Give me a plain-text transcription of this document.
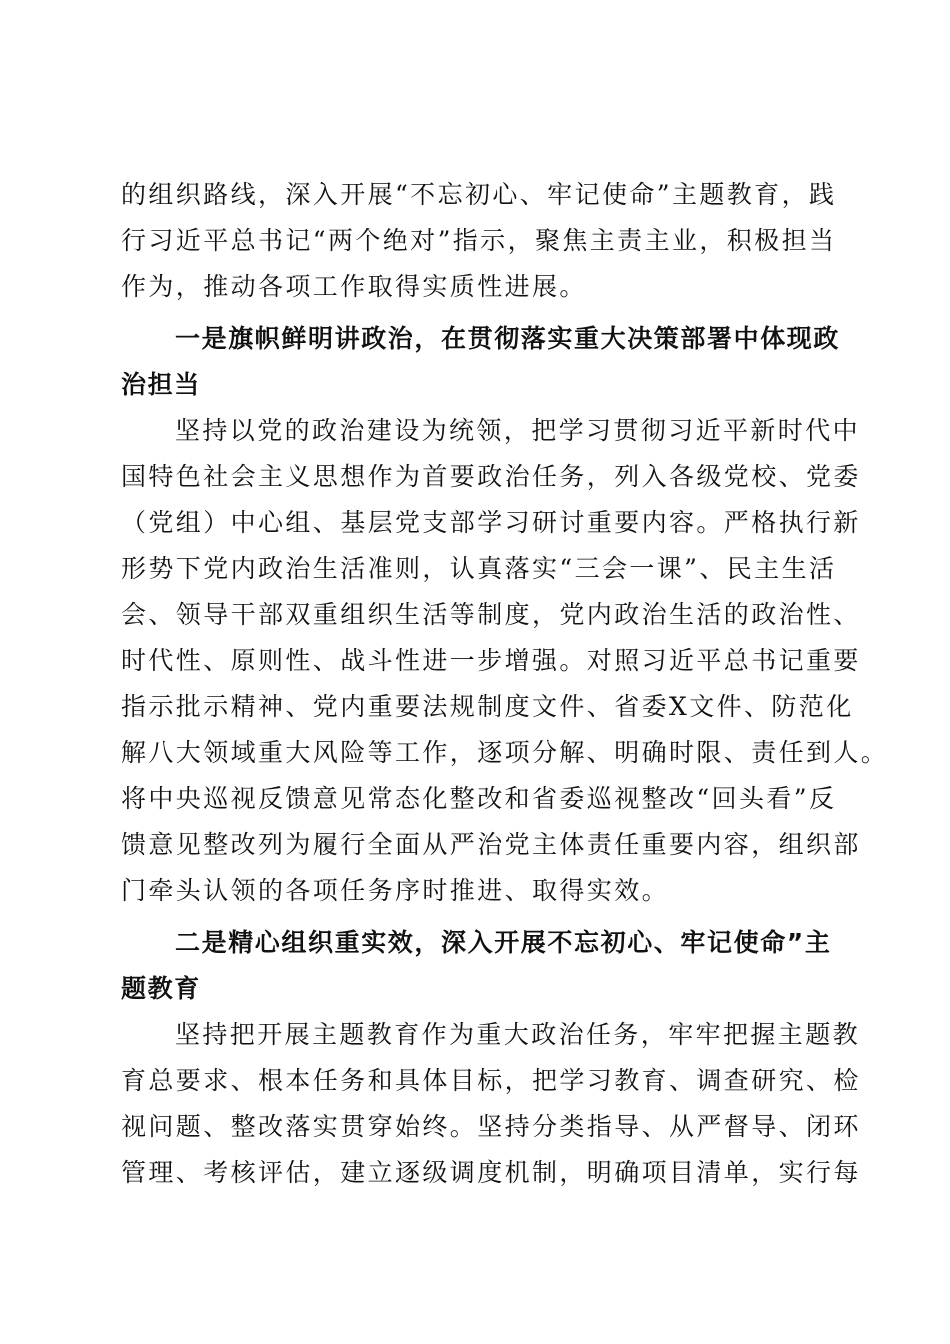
的组织路线，深入开展“不忘初心、牢记使命”主题教育，践
行习近平总书记“两个绝对”指示，聚焦主责主业，积极担当
作为，推动各项工作取得实质性进展。
一是旗帜鲜明讲政治，在贯彻落实重大决策部署中体现政
治担当
坚持以党的政治建设为统领，把学习贯彻习近平新时代中
国特色社会主义思想作为首要政治任务，列入各级党校、党委
（党组）中心组、基层党支部学习研讨重要内容。严格执行新
形势下党内政治生活准则，认真落实“三会一课”、民主生活
会、领导干部双重组织生活等制度，党内政治生活的政治性、
时代性、原则性、战斗性进一步增强。对照习近平总书记重要
指示批示精神、党内重要法规制度文件、省委X文件、防范化
解八大领域重大风险等工作，逐项分解、明确时限、责任到人。
将中央巡视反馈意见常态化整改和省委巡视整改“回头看”反
馈意见整改列为履行全面从严治党主体责任重要内容，组织部
门牵头认领的各项任务序时推进、取得实效。
二是精心组织重实效，深入开展不忘初心、牢记使命”主
题教育
坚持把开展主题教育作为重大政治任务，牢牢把握主题教
育总要求、根本任务和具体目标，把学习教育、调查研究、检
视问题、整改落实贯穿始终。坚持分类指导、从严督导、闭环
管理、考核评估，建立逐级调度机制，明确项目清单，实行每
